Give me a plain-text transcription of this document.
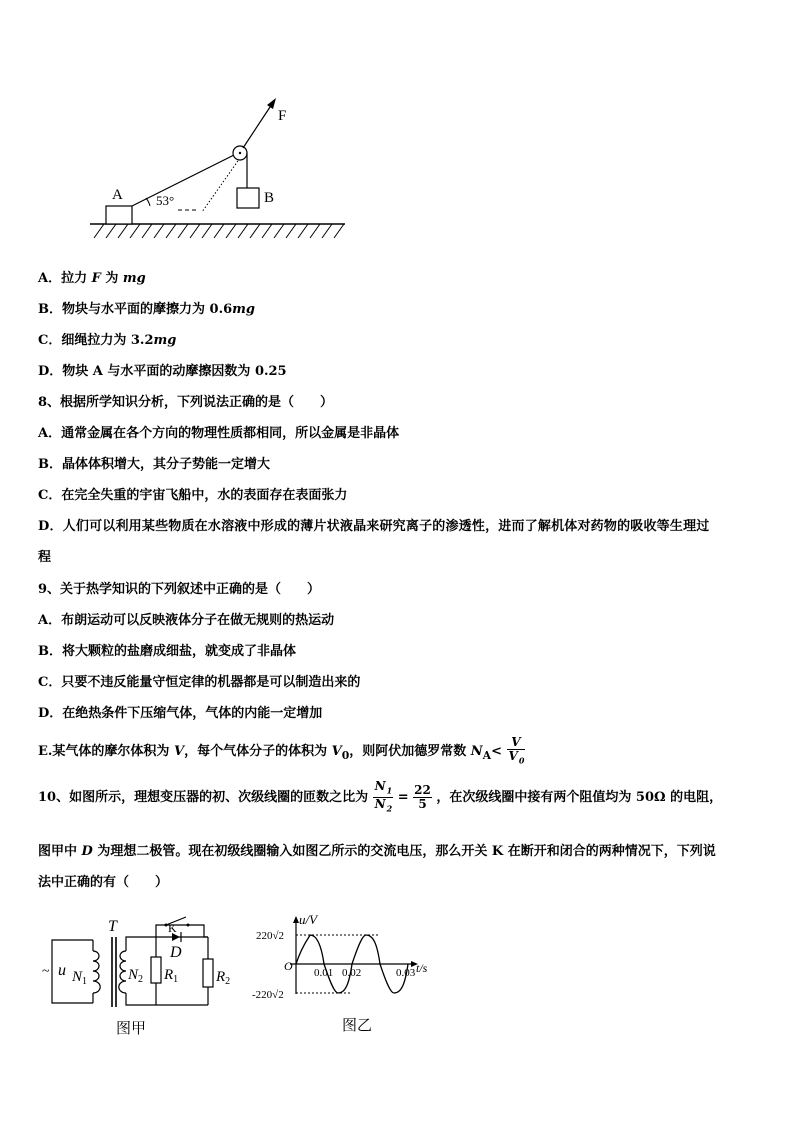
A	53°
F
B
A．拉力 F 为 mg
B．物块与水平面的摩擦力为 0.6mg
C．细绳拉力为 3.2mg
D．物块 A 与水平面的动摩擦因数为 0.25
8、根据所学知识分析，下列说法正确的是（　　）
A．通常金属在各个方向的物理性质都相同，所以金属是非晶体
B．晶体体积增大，其分子势能一定增大
C．在完全失重的宇宙飞船中，水的表面存在表面张力
D．人们可以利用某些物质在水溶液中形成的薄片状液晶来研究离子的渗透性，进而了解机体对药物的吸收等生理过
程
9、关于热学知识的下列叙述中正确的是（　　）
A．布朗运动可以反映液体分子在做无规则的热运动
B．将大颗粒的盐磨成细盐，就变成了非晶体
C．只要不违反能量守恒定律的机器都是可以制造出来的
D．在绝热条件下压缩气体，气体的内能一定增加
E.某气体的摩尔体积为 V，每个气体分子的体积为 $V_0$，则阿伏加德罗常数 $N_A< \frac{V}{V_0}$
10、如图所示，理想变压器的初、次级线圈的匝数之比为 $\frac{N_1}{N_2} = \frac{22}{5}$ ，在次级线圈中接有两个阻值均为 50Ω 的电阻，
图甲中 D 为理想二极管。现在初级线圈输入如图乙所示的交流电压，那么开关 K 在断开和闭合的两种情况下，下列说
法中正确的有（　　）
~ u $N_1$
T
$N_2$
K
D
$R_1$	$R_2$
图甲
u/V
t/s
O
220√2
-220√2
0.01 0.02	0.03
图乙
